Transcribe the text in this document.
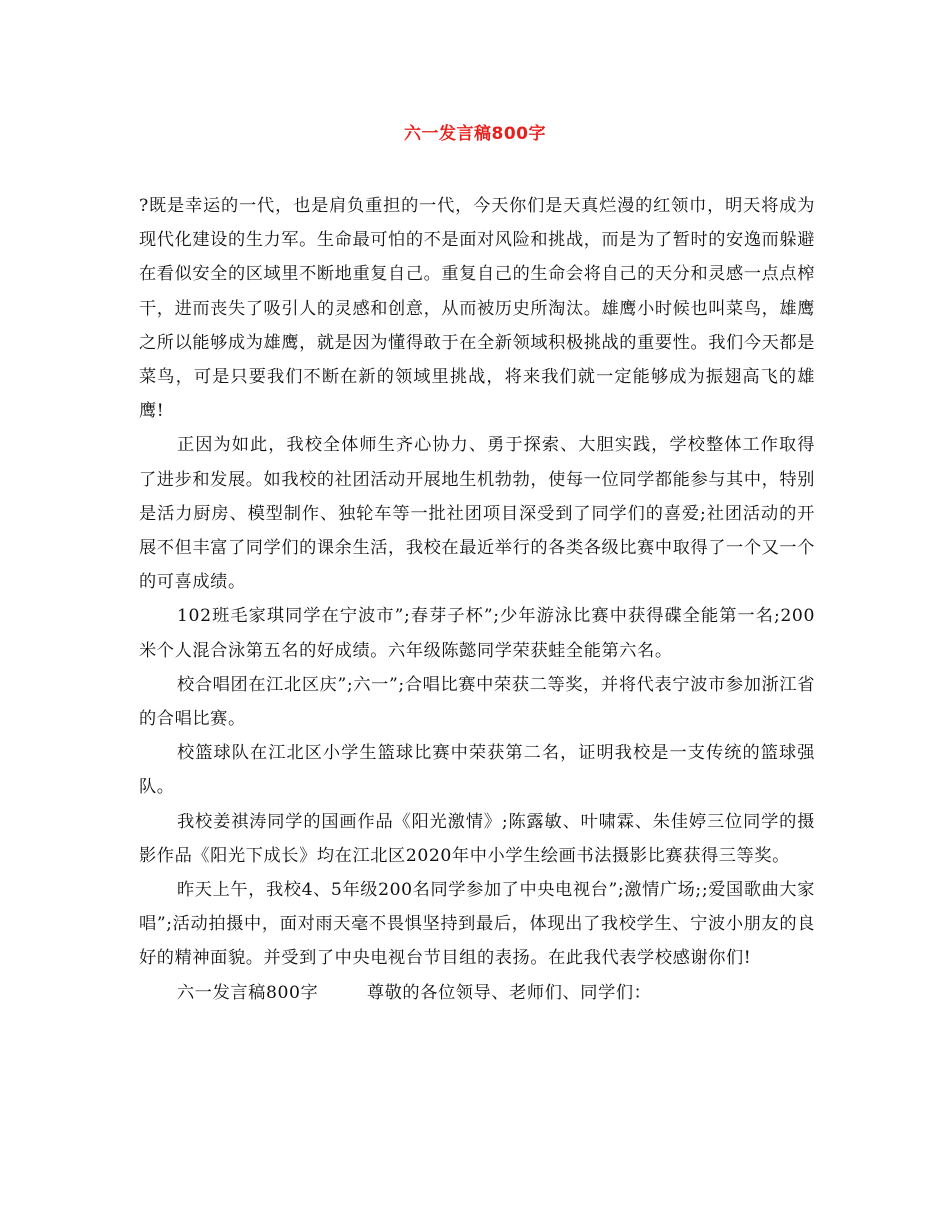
六一发言稿800字

?既是幸运的一代，也是肩负重担的一代，今天你们是天真烂漫的红领巾，明天将成为现代化建设的生力军。生命最可怕的不是面对风险和挑战，而是为了暂时的安逸而躲避在看似安全的区域里不断地重复自己。重复自己的生命会将自己的天分和灵感一点点榨干，进而丧失了吸引人的灵感和创意，从而被历史所淘汰。雄鹰小时候也叫菜鸟，雄鹰之所以能够成为雄鹰，就是因为懂得敢于在全新领域积极挑战的重要性。我们今天都是菜鸟，可是只要我们不断在新的领域里挑战，将来我们就一定能够成为振翅高飞的雄鹰!

正因为如此，我校全体师生齐心协力、勇于探索、大胆实践，学校整体工作取得了进步和发展。如我校的社团活动开展地生机勃勃，使每一位同学都能参与其中，特别是活力厨房、模型制作、独轮车等一批社团项目深受到了同学们的喜爱;社团活动的开展不但丰富了同学们的课余生活，我校在最近举行的各类各级比赛中取得了一个又一个的可喜成绩。

102班毛家琪同学在宁波市”;春芽子杯”;少年游泳比赛中获得碟全能第一名;200米个人混合泳第五名的好成绩。六年级陈懿同学荣获蛙全能第六名。

校合唱团在江北区庆”;六一”;合唱比赛中荣获二等奖，并将代表宁波市参加浙江省的合唱比赛。

校篮球队在江北区小学生篮球比赛中荣获第二名，证明我校是一支传统的篮球强队。

我校姜祺涛同学的国画作品《阳光激情》;陈露敏、叶啸霖、朱佳婷三位同学的摄影作品《阳光下成长》均在江北区2020年中小学生绘画书法摄影比赛获得三等奖。

昨天上午，我校4、5年级200名同学参加了中央电视台”;激情广场;;爱国歌曲大家唱”;活动拍摄中，面对雨天毫不畏惧坚持到最后，体现出了我校学生、宁波小朋友的良好的精神面貌。并受到了中央电视台节目组的表扬。在此我代表学校感谢你们!

六一发言稿800字        尊敬的各位领导、老师们、同学们：
